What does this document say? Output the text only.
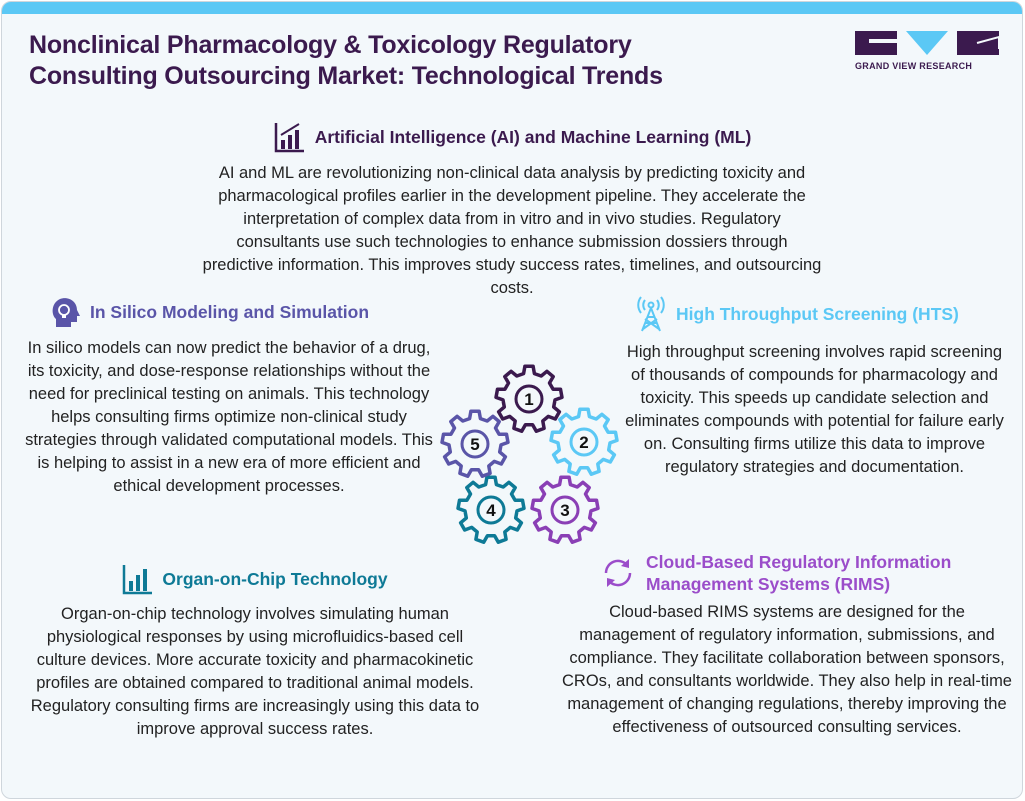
Nonclinical Pharmacology & Toxicology Regulatory
Consulting Outsourcing Market: Technological Trends	GRAND VIEW RESEARCH
Artificial Intelligence (AI) and Machine Learning (ML)
AI and ML are revolutionizing non-clinical data analysis by predicting toxicity and pharmacological profiles earlier in the development pipeline. They accelerate the interpretation of complex data from in vitro and in vivo studies. Regulatory consultants use such technologies to enhance submission dossiers through predictive information. This improves study success rates, timelines, and outsourcing costs.
In Silico Modeling and Simulation
In silico models can now predict the behavior of a drug, its toxicity, and dose-response relationships without the need for preclinical testing on animals. This technology helps consulting firms optimize non-clinical study strategies through validated computational models. This is helping to assist in a new era of more efficient and ethical development processes.
High Throughput Screening (HTS)
High throughput screening involves rapid screening of thousands of compounds for pharmacology and toxicity. This speeds up candidate selection and eliminates compounds with potential for failure early on. Consulting firms utilize this data to improve regulatory strategies and documentation.
1
2
3
4
5
Organ-on-Chip Technology
Organ-on-chip technology involves simulating human physiological responses by using microfluidics-based cell culture devices. More accurate toxicity and pharmacokinetic profiles are obtained compared to traditional animal models. Regulatory consulting firms are increasingly using this data to improve approval success rates.
Cloud-Based Regulatory Information Management Systems (RIMS)
Cloud-based RIMS systems are designed for the management of regulatory information, submissions, and compliance. They facilitate collaboration between sponsors, CROs, and consultants worldwide. They also help in real-time management of changing regulations, thereby improving the effectiveness of outsourced consulting services.
